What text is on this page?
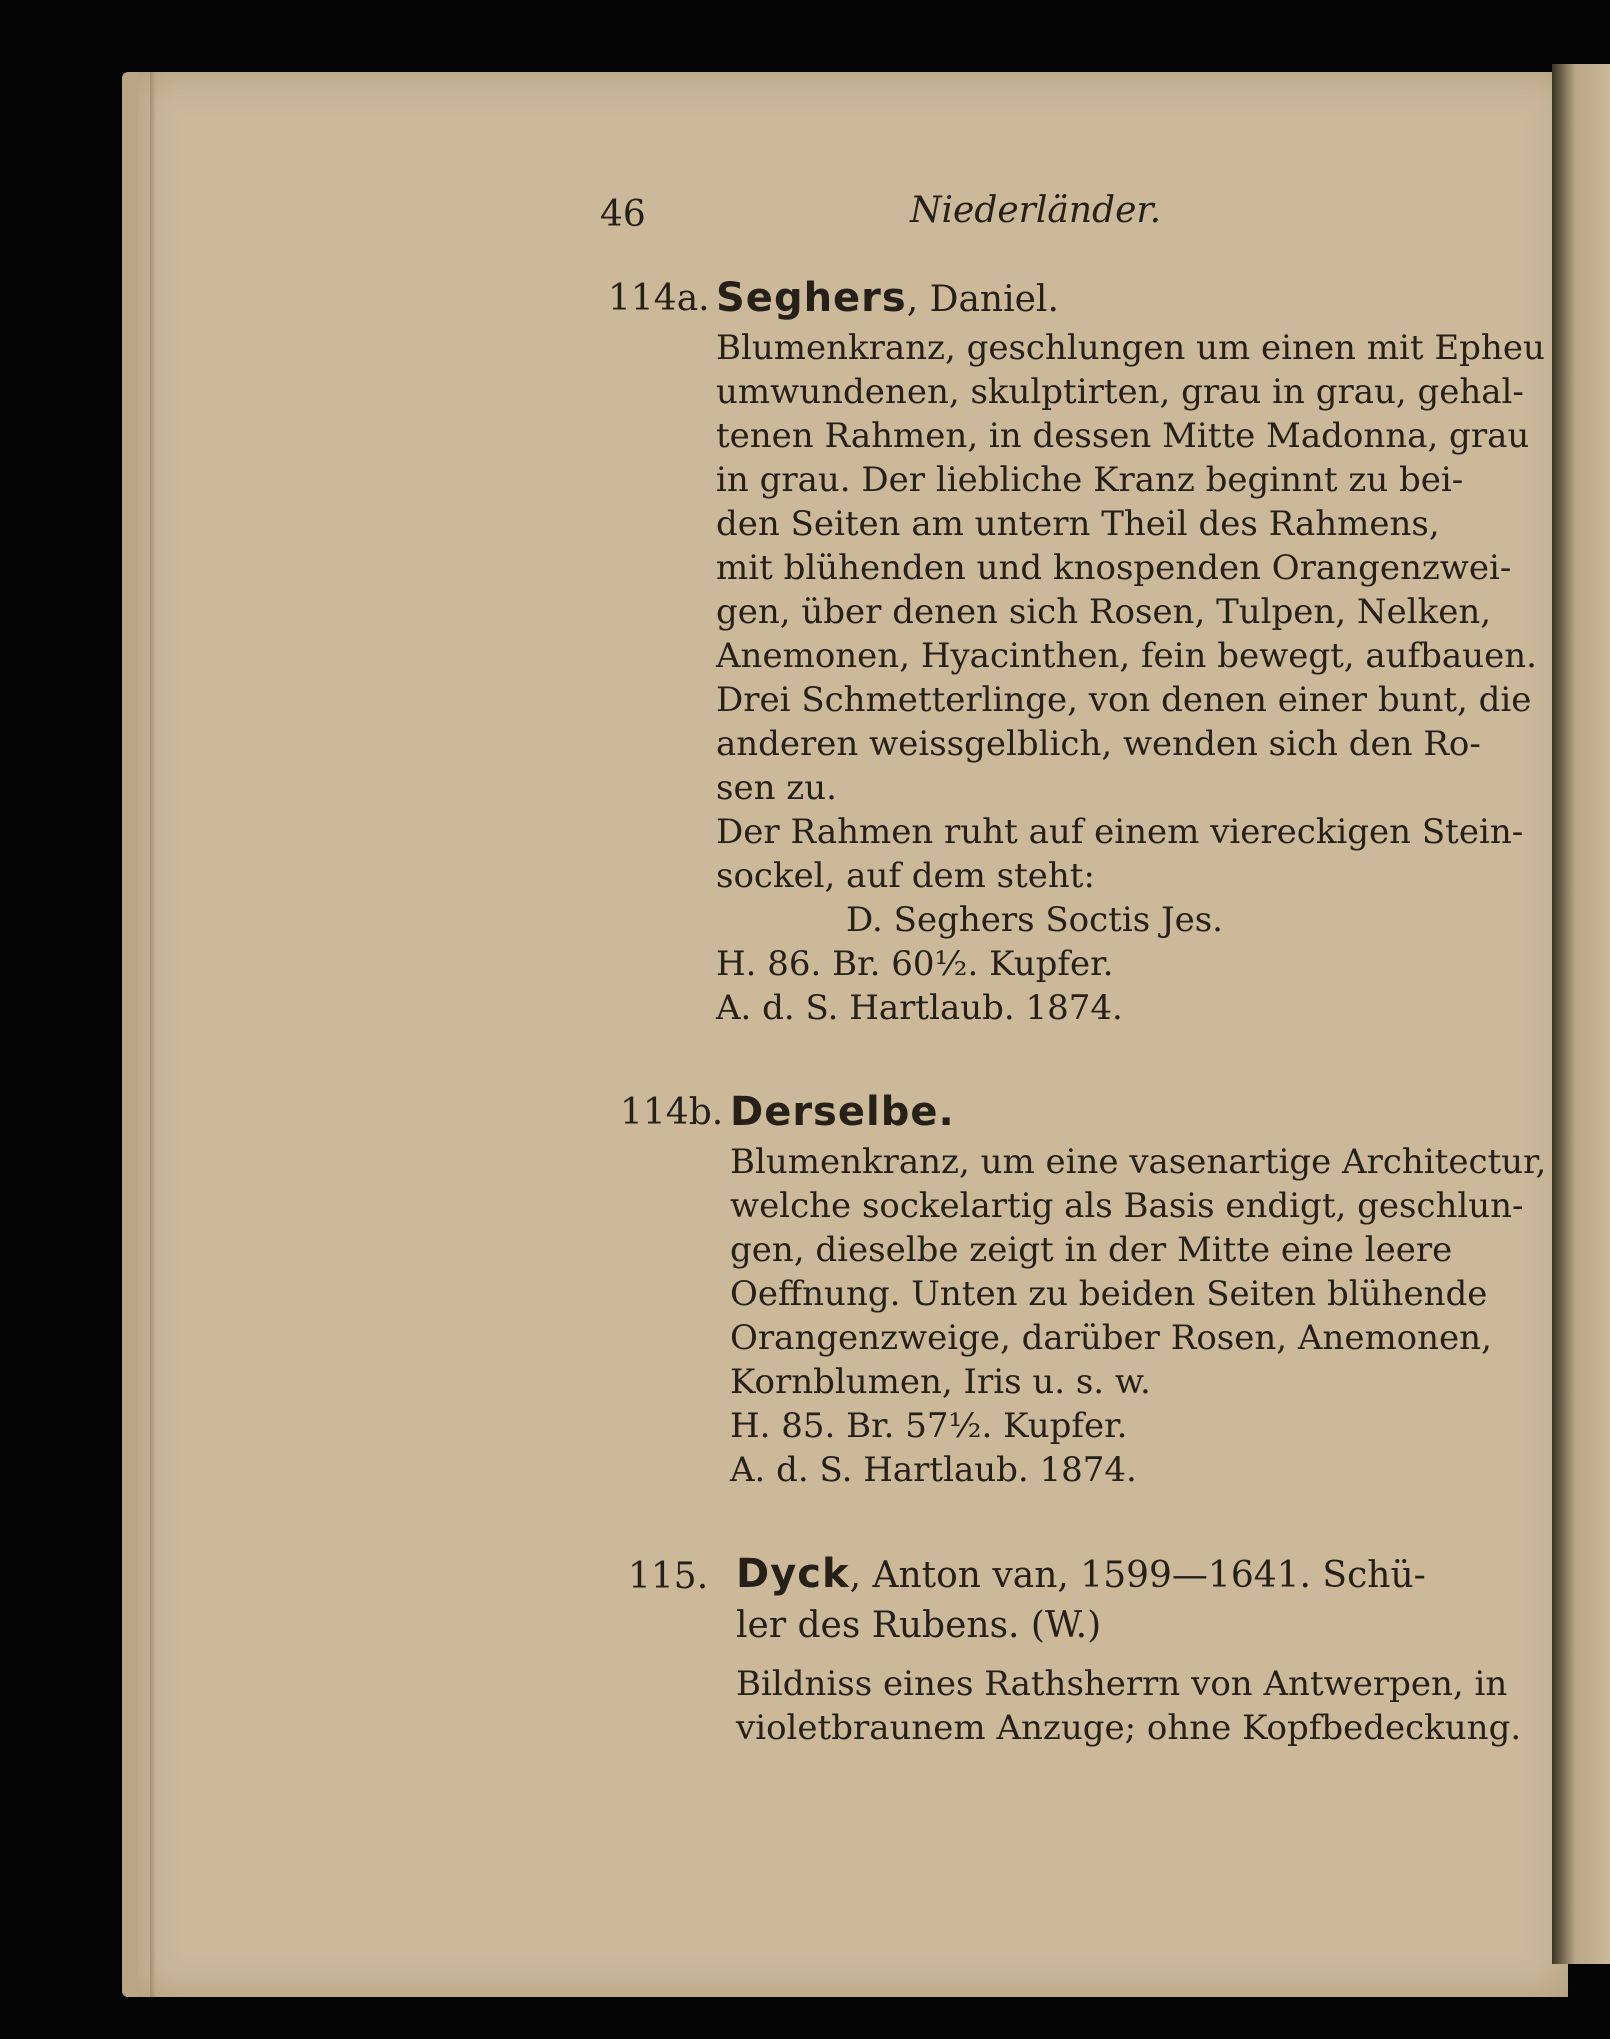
46	Niederländer.
114a. Seghers, Daniel.
Blumenkranz, geschlungen um einen mit Epheu
umwundenen, skulptirten, grau in grau, gehal-
tenen Rahmen, in dessen Mitte Madonna, grau
in grau. Der liebliche Kranz beginnt zu bei-
den Seiten am untern Theil des Rahmens,
mit blühenden und knospenden Orangenzwei-
gen, über denen sich Rosen, Tulpen, Nelken,
Anemonen, Hyacinthen, fein bewegt, aufbauen.
Drei Schmetterlinge, von denen einer bunt, die
anderen weissgelblich, wenden sich den Ro-
sen zu.
Der Rahmen ruht auf einem viereckigen Stein-
sockel, auf dem steht:
D. Seghers Soctis Jes.
H. 86. Br. 60½. Kupfer.
A. d. S. Hartlaub. 1874.
114b. Derselbe.
Blumenkranz, um eine vasenartige Architectur,
welche sockelartig als Basis endigt, geschlun-
gen, dieselbe zeigt in der Mitte eine leere
Oeffnung. Unten zu beiden Seiten blühende
Orangenzweige, darüber Rosen, Anemonen,
Kornblumen, Iris u. s. w.
H. 85. Br. 57½. Kupfer.
A. d. S. Hartlaub. 1874.
115. Dyck, Anton van, 1599—1641. Schü-
ler des Rubens. (W.)
Bildniss eines Rathsherrn von Antwerpen, in
violetbraunem Anzuge; ohne Kopfbedeckung.
